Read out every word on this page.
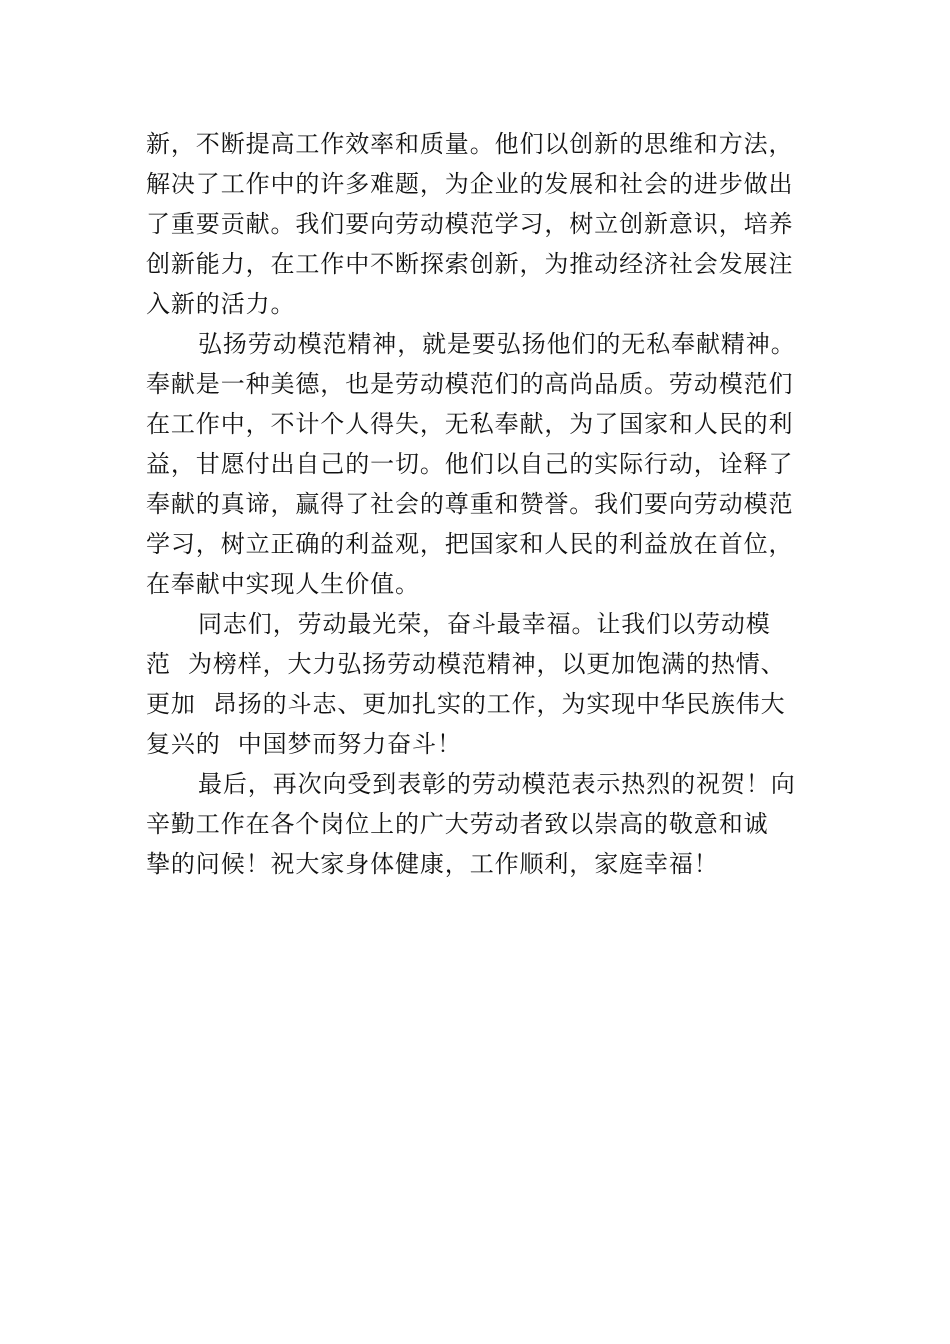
新，不断提高工作效率和质量。他们以创新的思维和方法，
解决了工作中的许多难题，为企业的发展和社会的进步做出
了重要贡献。我们要向劳动模范学习，树立创新意识，培养
创新能力，在工作中不断探索创新，为推动经济社会发展注
入新的活力。
弘扬劳动模范精神，就是要弘扬他们的无私奉献精神。
奉献是一种美德，也是劳动模范们的高尚品质。劳动模范们
在工作中，不计个人得失，无私奉献，为了国家和人民的利
益，甘愿付出自己的一切。他们以自己的实际行动，诠释了
奉献的真谛，赢得了社会的尊重和赞誉。我们要向劳动模范
学习，树立正确的利益观，把国家和人民的利益放在首位，
在奉献中实现人生价值。
同志们，劳动最光荣，奋斗最幸福。让我们以劳动模
范  为榜样，大力弘扬劳动模范精神，以更加饱满的热情、
更加  昂扬的斗志、更加扎实的工作，为实现中华民族伟大
复兴的  中国梦而努力奋斗！
最后，再次向受到表彰的劳动模范表示热烈的祝贺！向
辛勤工作在各个岗位上的广大劳动者致以崇高的敬意和诚
挚的问候！祝大家身体健康，工作顺利，家庭幸福！
